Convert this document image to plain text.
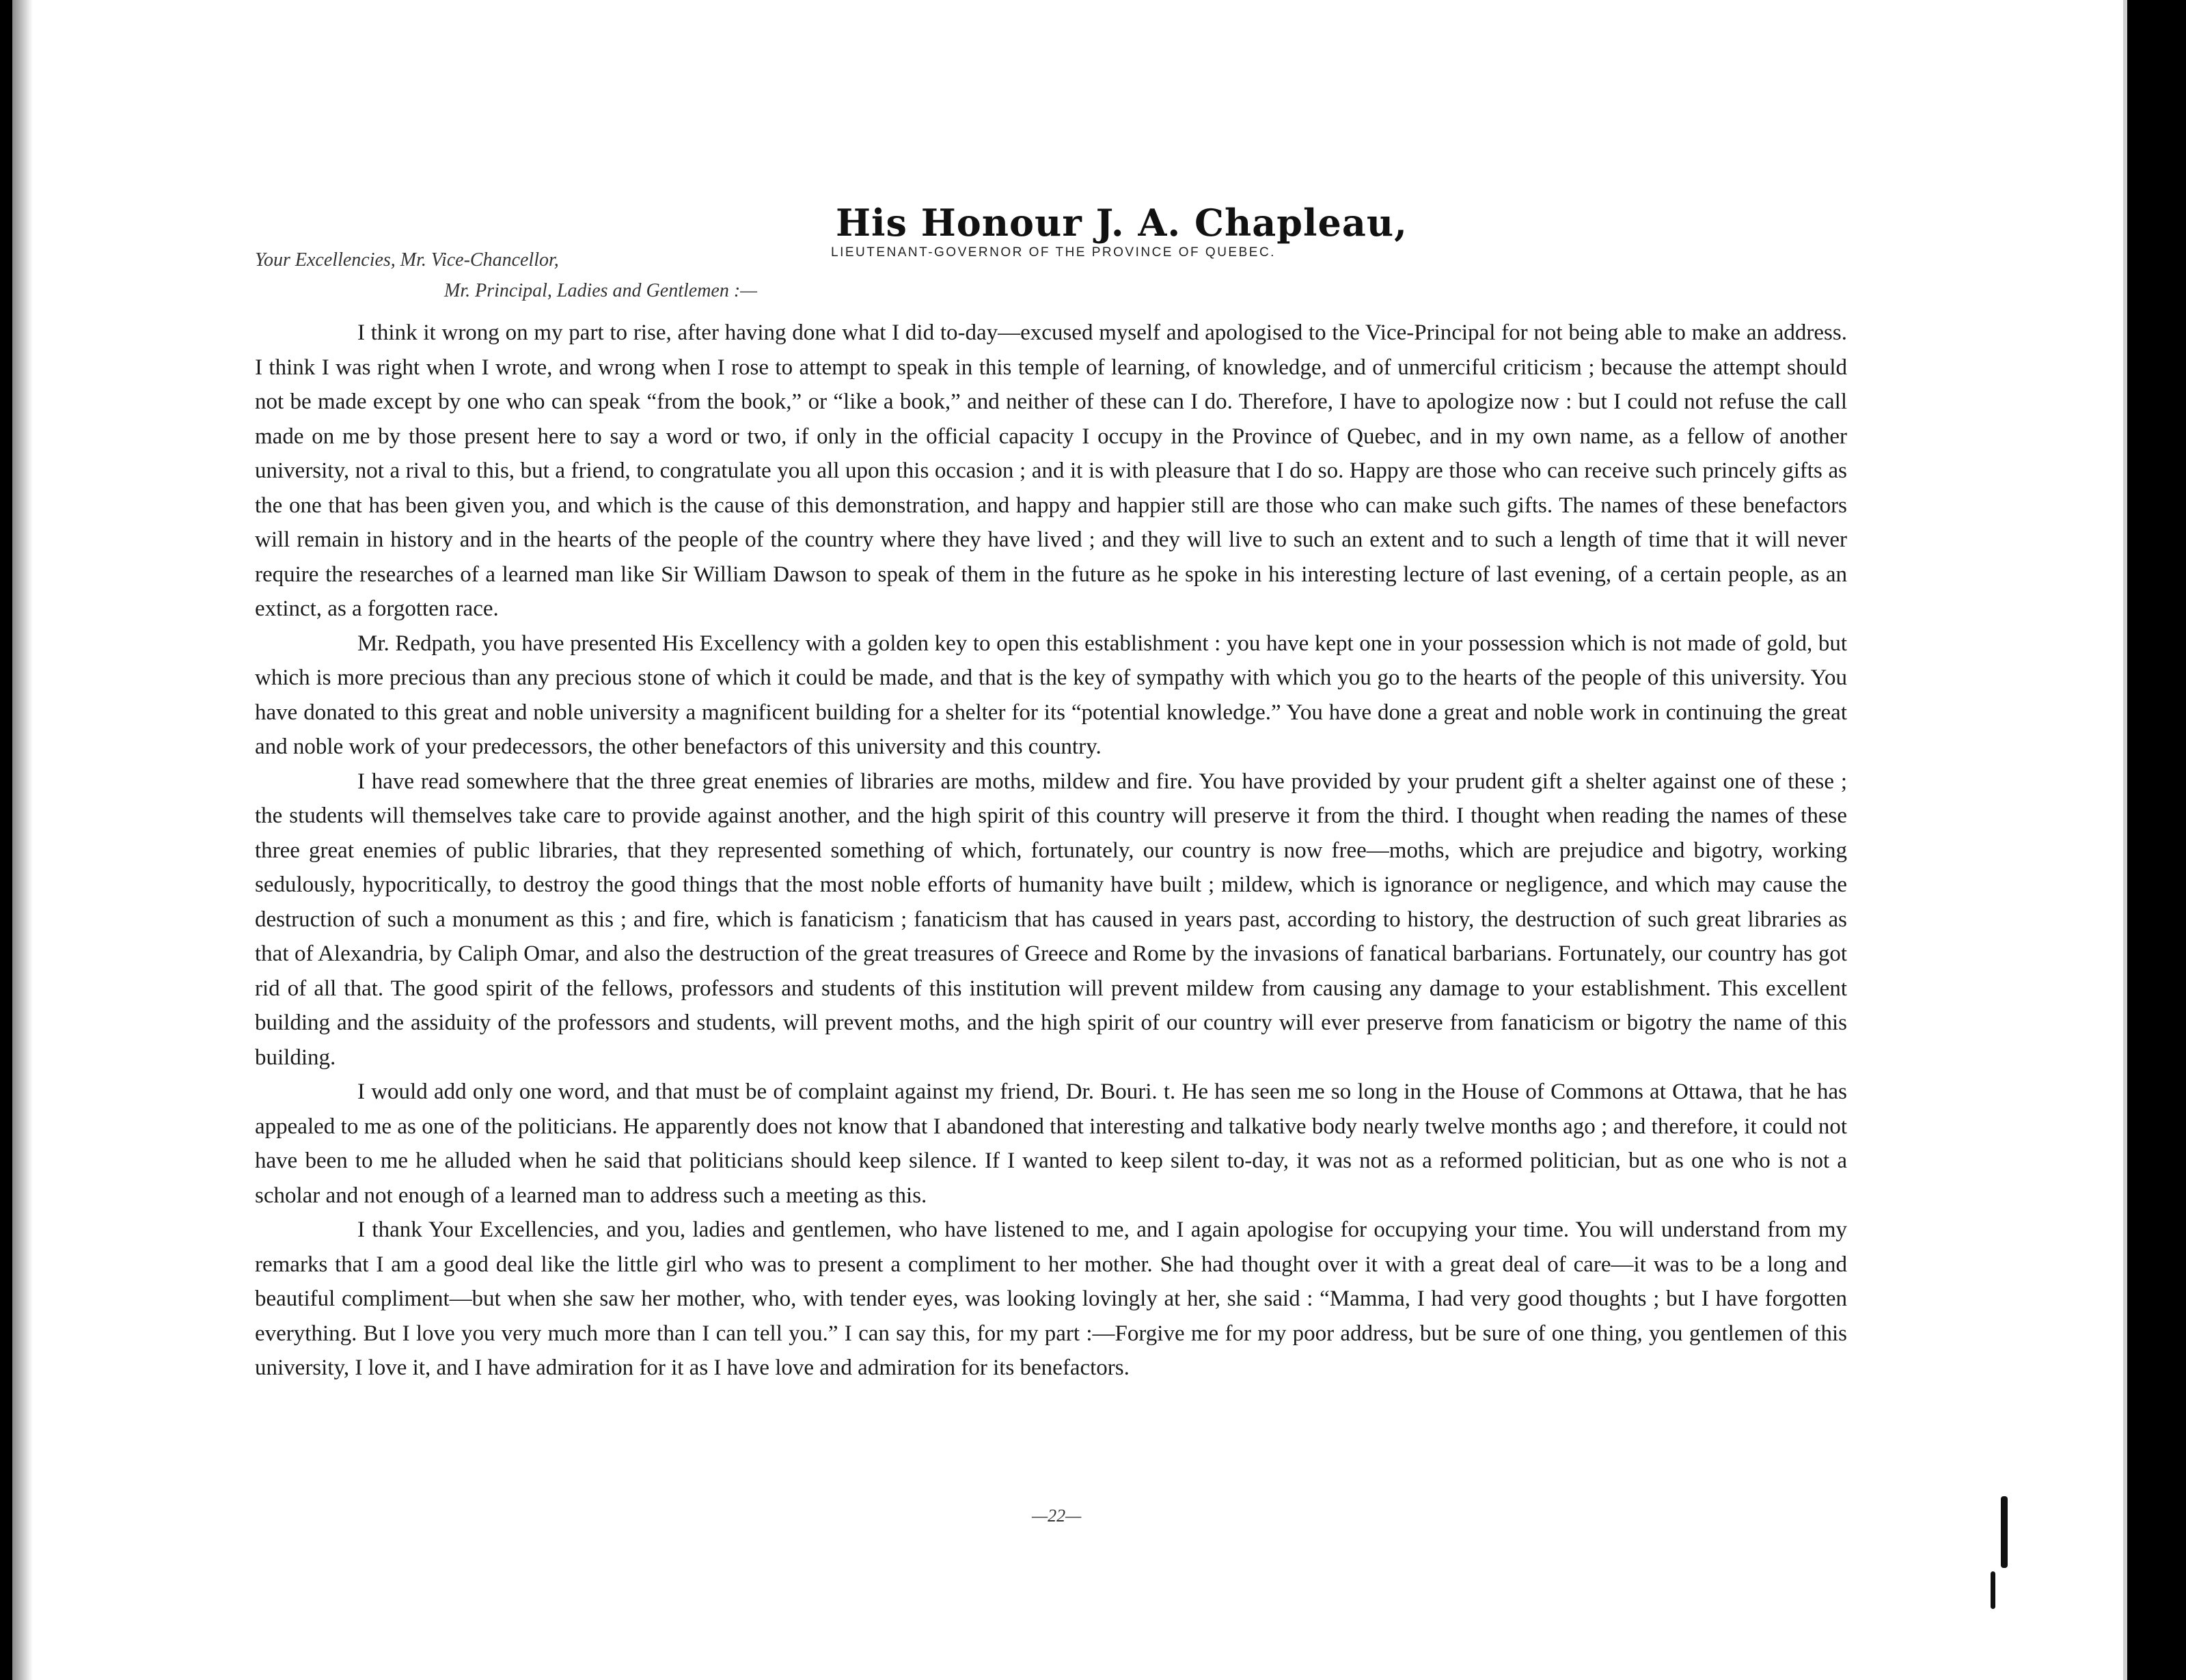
His Honour J. A. Chapleau,
LIEUTENANT-GOVERNOR OF THE PROVINCE OF QUEBEC.
Your Excellencies, Mr. Vice-Chancellor,
Mr. Principal, Ladies and Gentlemen :—

I think it wrong on my part to rise, after having done what I did to-day—excused myself and apologised to the Vice-Principal for not being able to make an address. I think I was right when I wrote, and wrong when I rose to attempt to speak in this temple of learning, of knowledge, and of unmerciful criticism ; because the attempt should not be made except by one who can speak “from the book,” or “like a book,” and neither of these can I do. Therefore, I have to apologize now : but I could not refuse the call made on me by those present here to say a word or two, if only in the official capacity I occupy in the Province of Quebec, and in my own name, as a fellow of another university, not a rival to this, but a friend, to congratulate you all upon this occasion ; and it is with pleasure that I do so. Happy are those who can receive such princely gifts as the one that has been given you, and which is the cause of this demonstration, and happy and happier still are those who can make such gifts. The names of these benefactors will remain in history and in the hearts of the people of the country where they have lived ; and they will live to such an extent and to such a length of time that it will never require the researches of a learned man like Sir William Dawson to speak of them in the future as he spoke in his interesting lecture of last evening, of a certain people, as an extinct, as a forgotten race.

Mr. Redpath, you have presented His Excellency with a golden key to open this establishment : you have kept one in your possession which is not made of gold, but which is more precious than any precious stone of which it could be made, and that is the key of sympathy with which you go to the hearts of the people of this university. You have donated to this great and noble university a magnificent building for a shelter for its “potential knowledge.” You have done a great and noble work in continuing the great and noble work of your predecessors, the other benefactors of this university and this country.

I have read somewhere that the three great enemies of libraries are moths, mildew and fire. You have provided by your prudent gift a shelter against one of these ; the students will themselves take care to provide against another, and the high spirit of this country will preserve it from the third. I thought when reading the names of these three great enemies of public libraries, that they represented something of which, fortunately, our country is now free—moths, which are prejudice and bigotry, working sedulously, hypocritically, to destroy the good things that the most noble efforts of humanity have built ; mildew, which is ignorance or negligence, and which may cause the destruction of such a monument as this ; and fire, which is fanaticism ; fanaticism that has caused in years past, according to history, the destruction of such great libraries as that of Alexandria, by Caliph Omar, and also the destruction of the great treasures of Greece and Rome by the invasions of fanatical barbarians. Fortunately, our country has got rid of all that. The good spirit of the fellows, professors and students of this institution will prevent mildew from causing any damage to your establishment. This excellent building and the assiduity of the professors and students, will prevent moths, and the high spirit of our country will ever preserve from fanaticism or bigotry the name of this building.

I would add only one word, and that must be of complaint against my friend, Dr. Bouri. t. He has seen me so long in the House of Commons at Ottawa, that he has appealed to me as one of the politicians. He apparently does not know that I abandoned that interesting and talkative body nearly twelve months ago ; and therefore, it could not have been to me he alluded when he said that politicians should keep silence. If I wanted to keep silent to-day, it was not as a reformed politician, but as one who is not a scholar and not enough of a learned man to address such a meeting as this.

I thank Your Excellencies, and you, ladies and gentlemen, who have listened to me, and I again apologise for occupying your time. You will understand from my remarks that I am a good deal like the little girl who was to present a compliment to her mother. She had thought over it with a great deal of care—it was to be a long and beautiful compliment—but when she saw her mother, who, with tender eyes, was looking lovingly at her, she said : “Mamma, I had very good thoughts ; but I have forgotten everything. But I love you very much more than I can tell you.” I can say this, for my part :—Forgive me for my poor address, but be sure of one thing, you gentlemen of this university, I love it, and I have admiration for it as I have love and admiration for its benefactors.

—22—
